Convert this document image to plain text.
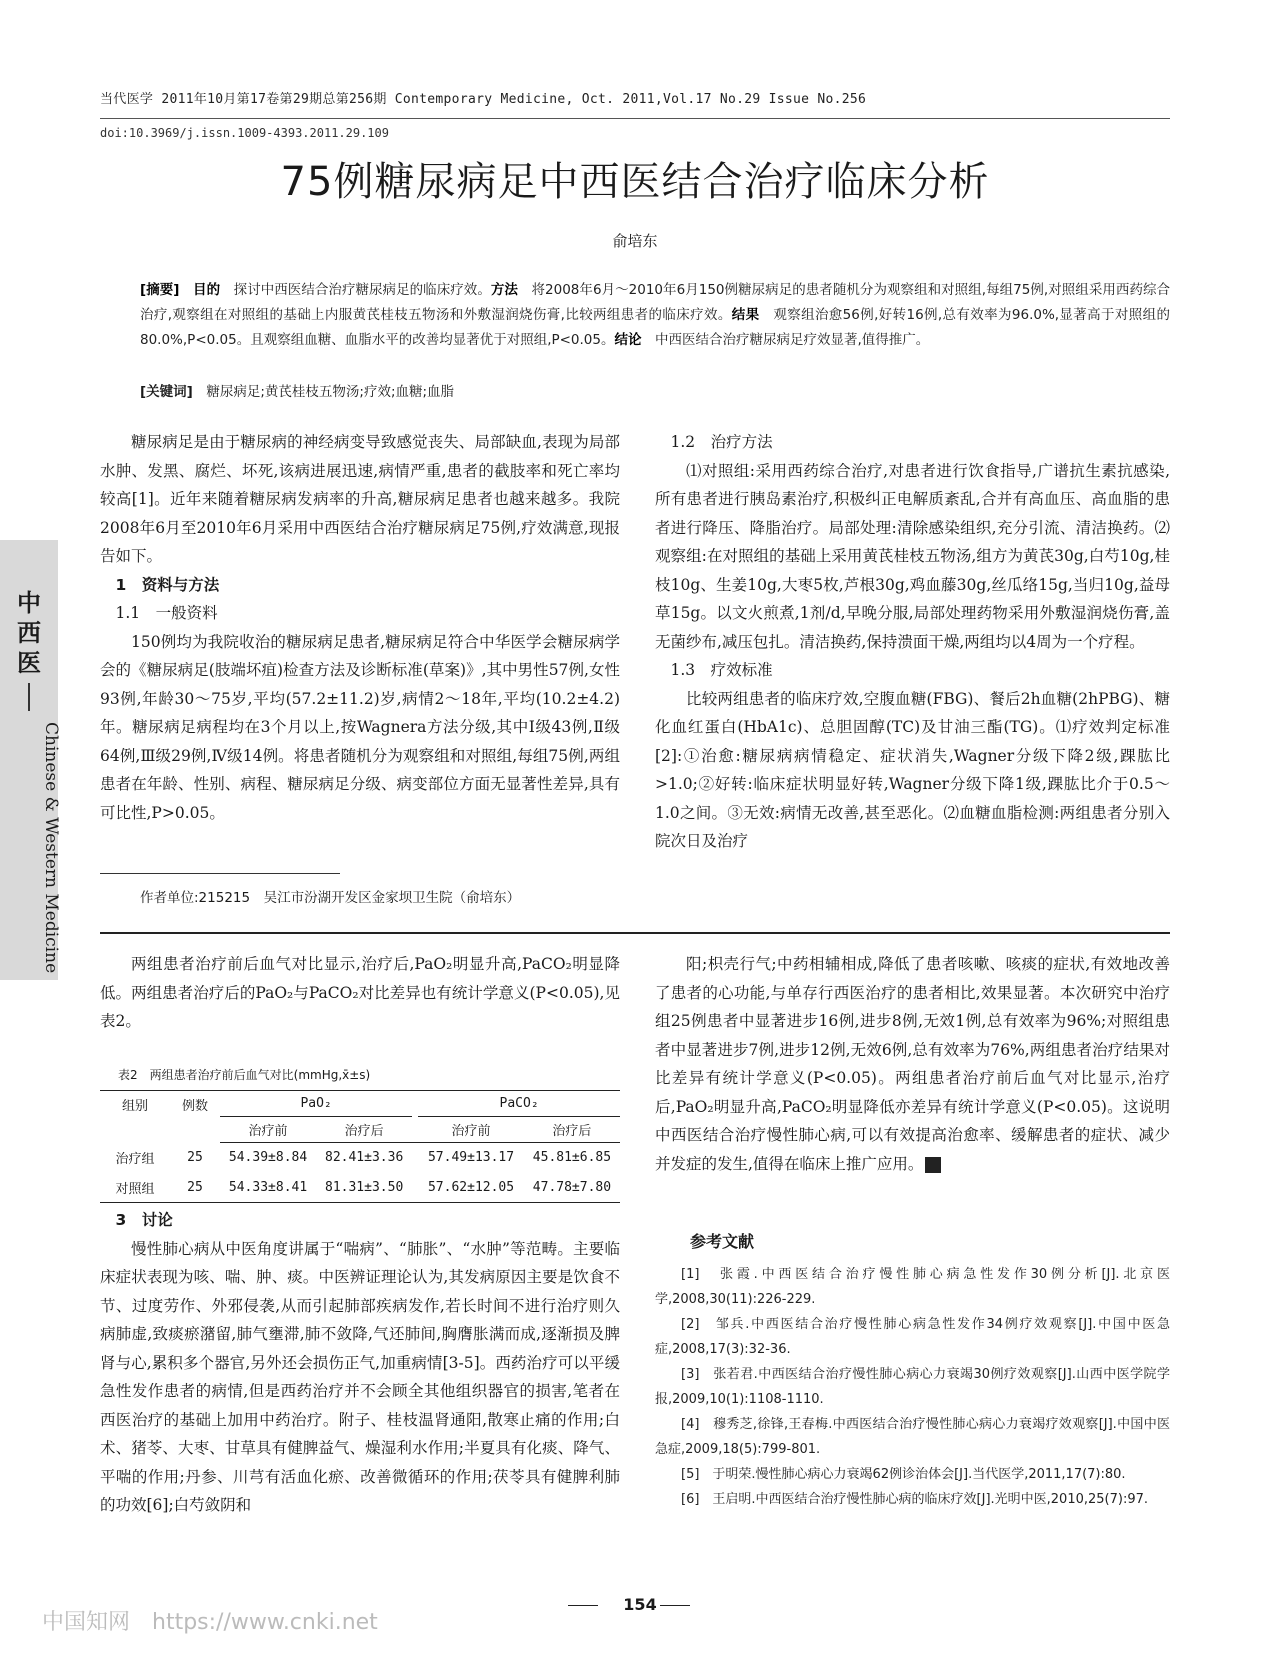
当代医学 2011年10月第17卷第29期总第256期 Contemporary Medicine, Oct. 2011,Vol.17 No.29 Issue No.256
doi:10.3969/j.issn.1009-4393.2011.29.109
75例糖尿病足中西医结合治疗临床分析
俞培东
[摘要]　 目的　 探讨中西医结合治疗糖尿病足的临床疗效。方法　 将2008年6月～2010年6月150例糖尿病足的患者随机分为观察组和对照组,每组75例,对照组采用西药综合治疗,观察组在对照组的基础上内服黄芪桂枝五物汤和外敷湿润烧伤膏,比较两组患者的临床疗效。结果　 观察组治愈56例,好转16例,总有效率为96.0%,显著高于对照组的80.0%,P<0.05。且观察组血糖、血脂水平的改善均显著优于对照组,P<0.05。结论　 中西医结合治疗糖尿病足疗效显著,值得推广。
[关键词]　 糖尿病足;黄芪桂枝五物汤;疗效;血糖;血脂
中西医
Chinese & Western Medicine

糖尿病足是由于糖尿病的神经病变导致感觉丧失、局部缺血,表现为局部水肿、发黑、腐烂、坏死,该病进展迅速,病情严重,患者的截肢率和死亡率均较高[1]。近年来随着糖尿病发病率的升高,糖尿病足患者也越来越多。我院2008年6月至2010年6月采用中西医结合治疗糖尿病足75例,疗效满意,现报告如下。

1　资料与方法

1.1　一般资料

150例均为我院收治的糖尿病足患者,糖尿病足符合中华医学会糖尿病学会的《糖尿病足(肢端坏疽)检查方法及诊断标准(草案)》,其中男性57例,女性93例,年龄30～75岁,平均(57.2±11.2)岁,病情2～18年,平均(10.2±4.2)年。糖尿病足病程均在3个月以上,按Wagnera方法分级,其中Ⅰ级43例,Ⅱ级64例,Ⅲ级29例,Ⅳ级14例。将患者随机分为观察组和对照组,每组75例,两组患者在年龄、性别、病程、糖尿病足分级、病变部位方面无显著性差异,具有可比性,P>0.05。

作者单位:215215　吴江市汾湖开发区金家坝卫生院（俞培东）

1.2　治疗方法

⑴对照组:采用西药综合治疗,对患者进行饮食指导,广谱抗生素抗感染,所有患者进行胰岛素治疗,积极纠正电解质紊乱,合并有高血压、高血脂的患者进行降压、降脂治疗。局部处理:清除感染组织,充分引流、清洁换药。⑵观察组:在对照组的基础上采用黄芪桂枝五物汤,组方为黄芪30g,白芍10g,桂枝10g、生姜10g,大枣5枚,芦根30g,鸡血藤30g,丝瓜络15g,当归10g,益母草15g。以文火煎煮,1剂/d,早晚分服,局部处理药物采用外敷湿润烧伤膏,盖无菌纱布,减压包扎。清洁换药,保持溃面干燥,两组均以4周为一个疗程。

1.3　疗效标准

比较两组患者的临床疗效,空腹血糖(FBG)、餐后2h血糖(2hPBG)、糖化血红蛋白(HbA1c)、总胆固醇(TC)及甘油三酯(TG)。⑴疗效判定标准[2]:①治愈:糖尿病病情稳定、症状消失,Wagner分级下降2级,踝肱比>1.0;②好转:临床症状明显好转,Wagner分级下降1级,踝肱比介于0.5～1.0之间。③无效:病情无改善,甚至恶化。⑵血糖血脂检测:两组患者分别入院次日及治疗

两组患者治疗前后血气对比显示,治疗后,PaO₂明显升高,PaCO₂明显降低。两组患者治疗后的PaO₂与PaCO₂对比差异也有统计学意义(P<0.05),见表2。

表2　两组患者治疗前后血气对比(mmHg,x̄±s)
组别	例数	PaO₂			PaCO₂	
		治疗前	治疗后		治疗前	治疗后
治疗组	25	54.39±8.84	82.41±3.36		57.49±13.17	45.81±6.85
对照组	25	54.33±8.41	81.31±3.50		57.62±12.05	47.78±7.80

3　讨论

慢性肺心病从中医角度讲属于“喘病”、“肺胀”、“水肿”等范畴。主要临床症状表现为咳、喘、肿、痰。中医辨证理论认为,其发病原因主要是饮食不节、过度劳作、外邪侵袭,从而引起肺部疾病发作,若长时间不进行治疗则久病肺虚,致痰瘀潴留,肺气壅滞,肺不敛降,气还肺间,胸膺胀满而成,逐渐损及脾肾与心,累积多个器官,另外还会损伤正气,加重病情[3-5]。西药治疗可以平缓急性发作患者的病情,但是西药治疗并不会顾全其他组织器官的损害,笔者在西医治疗的基础上加用中药治疗。附子、桂枝温肾通阳,散寒止痛的作用;白术、猪苓、大枣、甘草具有健脾益气、燥湿利水作用;半夏具有化痰、降气、平喘的作用;丹参、川芎有活血化瘀、改善微循环的作用;茯苓具有健脾利肺的功效[6];白芍敛阴和

阳;枳壳行气;中药相辅相成,降低了患者咳嗽、咳痰的症状,有效地改善了患者的心功能,与单存行西医治疗的患者相比,效果显著。本次研究中治疗组25例患者中显著进步16例,进步8例,无效1例,总有效率为96%;对照组患者中显著进步7例,进步12例,无效6例,总有效率为76%,两组患者治疗结果对比差异有统计学意义(P<0.05)。两组患者治疗前后血气对比显示,治疗后,PaO₂明显升高,PaCO₂明显降低亦差异有统计学意义(P<0.05)。这说明中西医结合治疗慢性肺心病,可以有效提高治愈率、缓解患者的症状、减少并发症的发生,值得在临床上推广应用。

参考文献

[1]　张霞.中西医结合治疗慢性肺心病急性发作30例分析[J].北京医学,2008,30(11):226-229.

[2]　邹兵.中西医结合治疗慢性肺心病急性发作34例疗效观察[J].中国中医急症,2008,17(3):32-36.

[3]　张若君.中西医结合治疗慢性肺心病心力衰竭30例疗效观察[J].山西中医学院学报,2009,10(1):1108-1110.

[4]　穆秀芝,徐锋,王春梅.中西医结合治疗慢性肺心病心力衰竭疗效观察[J].中国中医急症,2009,18(5):799-801.

[5]　于明荣.慢性肺心病心力衰竭62例诊治体会[J].当代医学,2011,17(7):80.

[6]　王启明.中西医结合治疗慢性肺心病的临床疗效[J].光明中医,2010,25(7):97.

中国知网　https://www.cnki.net
154
